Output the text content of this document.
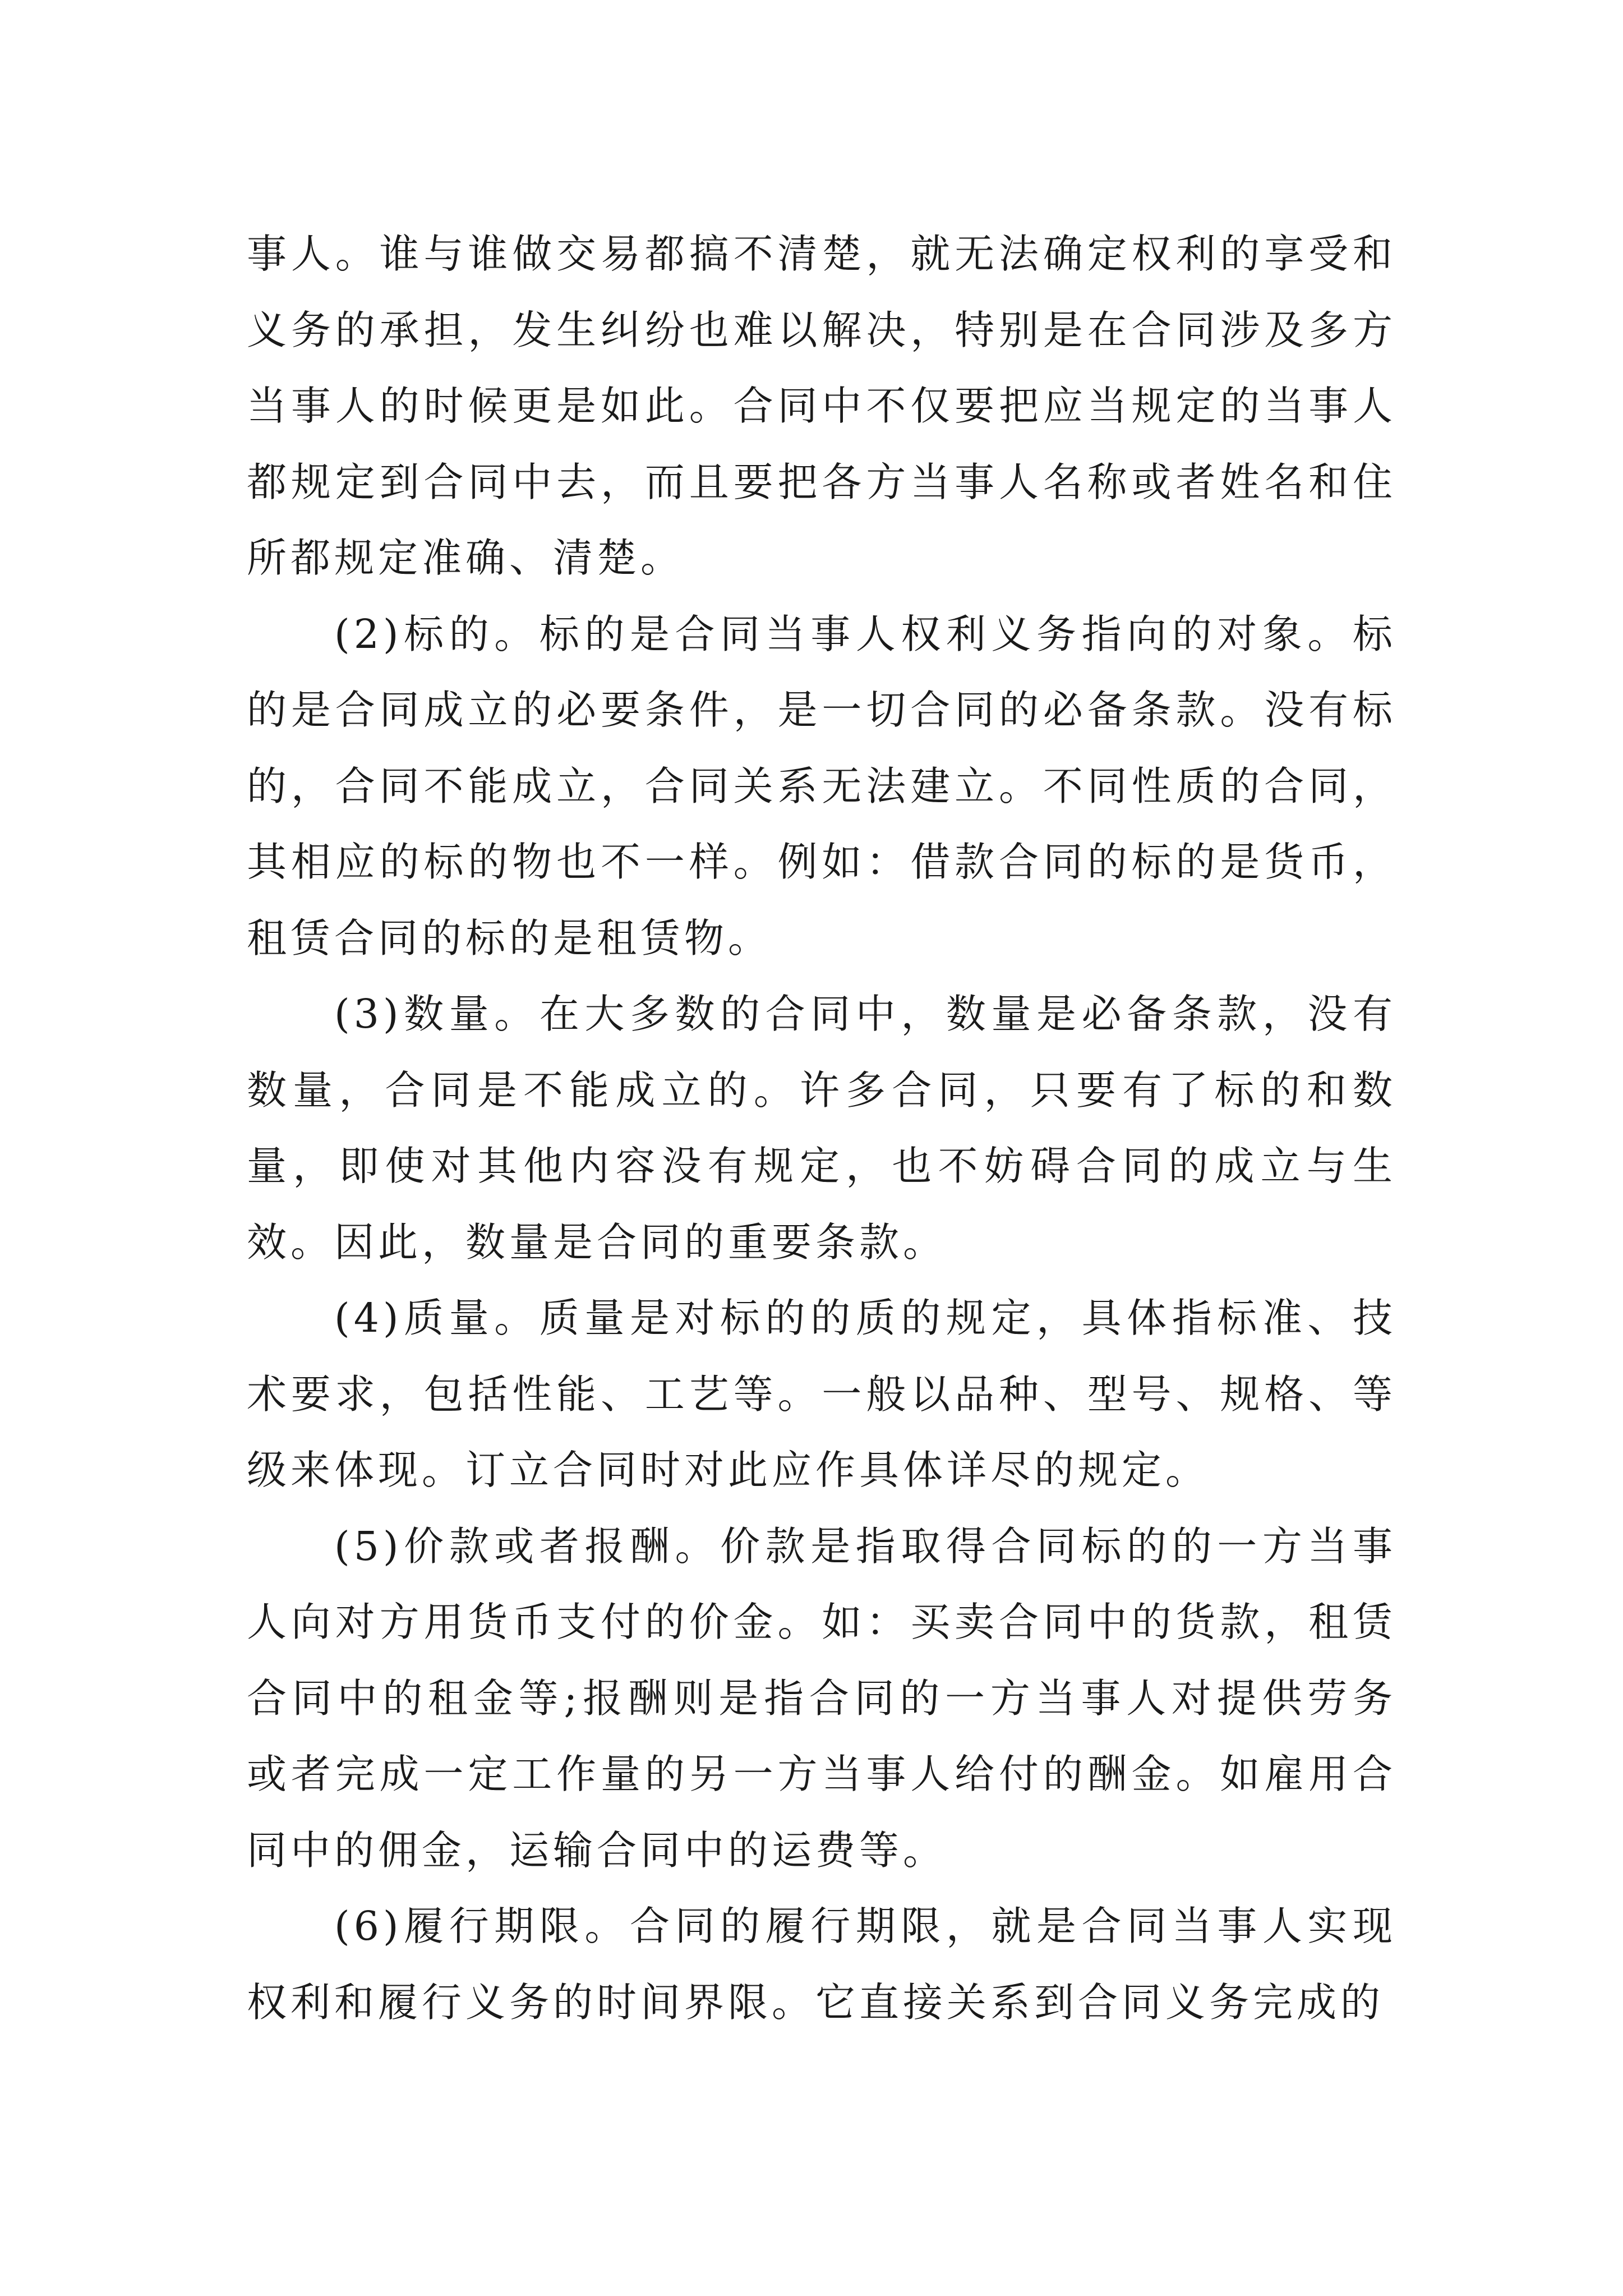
事人。谁与谁做交易都搞不清楚，就无法确定权利的享受和义务的承担，发生纠纷也难以解决，特别是在合同涉及多方当事人的时候更是如此。合同中不仅要把应当规定的当事人都规定到合同中去，而且要把各方当事人名称或者姓名和住所都规定准确、清楚。

(2)标的。标的是合同当事人权利义务指向的对象。标的是合同成立的必要条件，是一切合同的必备条款。没有标的，合同不能成立，合同关系无法建立。不同性质的合同，其相应的标的物也不一样。例如：借款合同的标的是货币，租赁合同的标的是租赁物。

(3)数量。在大多数的合同中，数量是必备条款，没有数量，合同是不能成立的。许多合同，只要有了标的和数量，即使对其他内容没有规定，也不妨碍合同的成立与生效。因此，数量是合同的重要条款。

(4)质量。质量是对标的的质的规定，具体指标准、技术要求，包括性能、工艺等。一般以品种、型号、规格、等级来体现。订立合同时对此应作具体详尽的规定。

(5)价款或者报酬。价款是指取得合同标的的一方当事人向对方用货币支付的价金。如：买卖合同中的货款，租赁合同中的租金等;报酬则是指合同的一方当事人对提供劳务或者完成一定工作量的另一方当事人给付的酬金。如雇用合同中的佣金，运输合同中的运费等。

(6)履行期限。合同的履行期限，就是合同当事人实现权利和履行义务的时间界限。它直接关系到合同义务完成的
